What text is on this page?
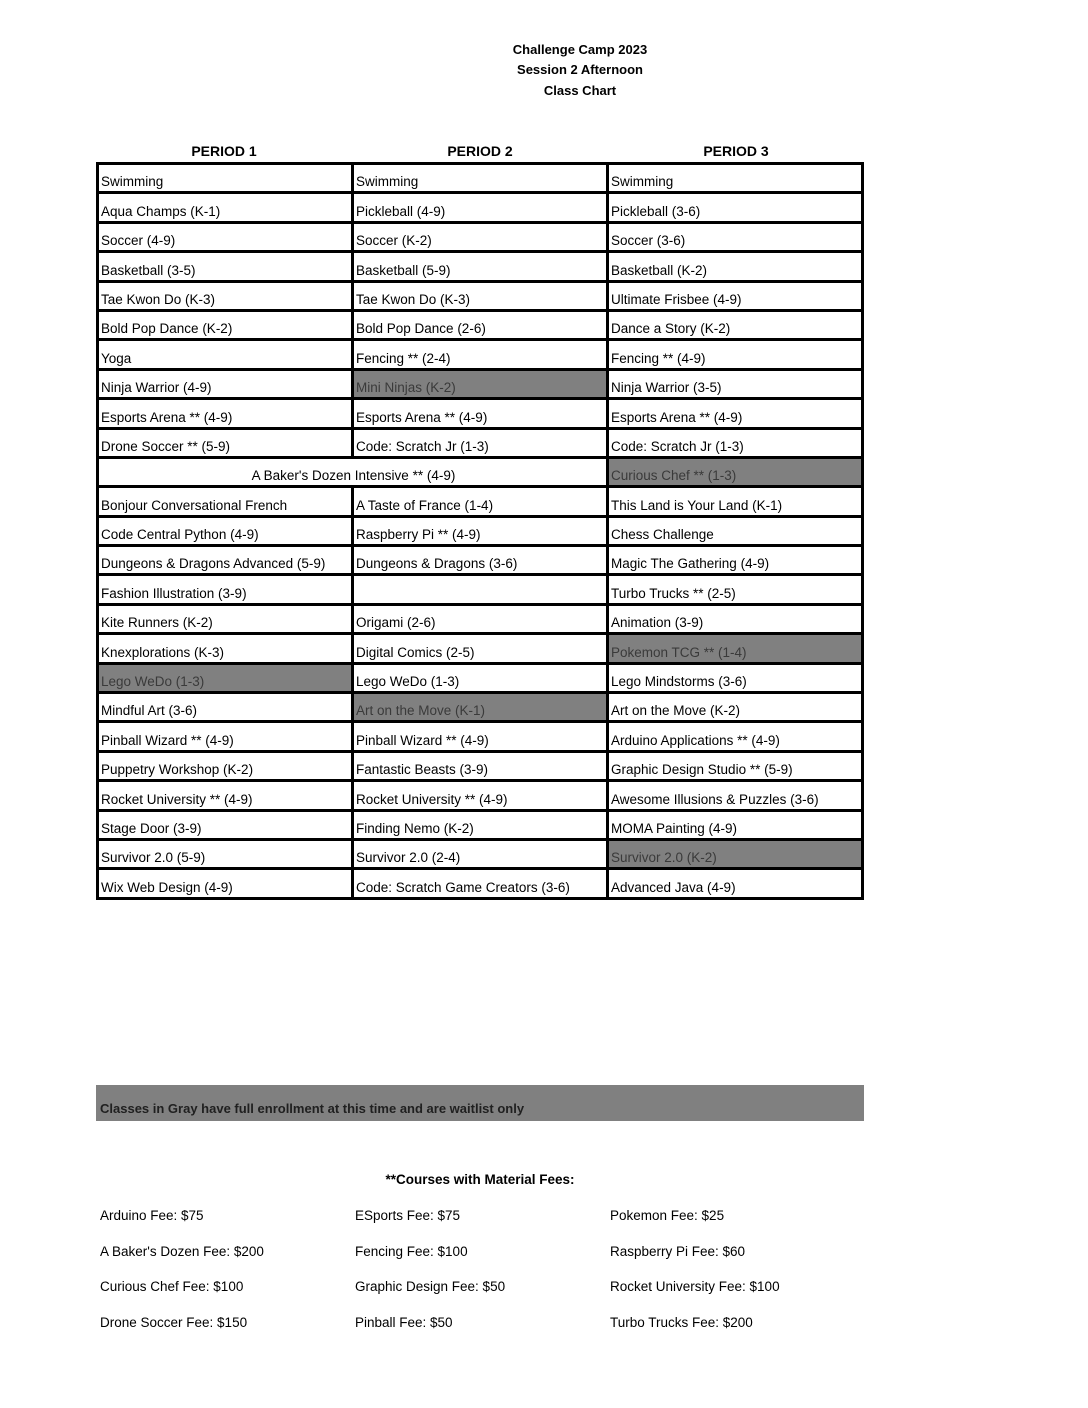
Challenge Camp 2023
Session 2 Afternoon
Class Chart
PERIOD 1	PERIOD 2	PERIOD 3
Swimming	Swimming	Swimming
Aqua Champs (K-1)	Pickleball (4-9)	Pickleball (3-6)
Soccer (4-9)	Soccer (K-2)	Soccer (3-6)
Basketball (3-5)	Basketball (5-9)	Basketball (K-2)
Tae Kwon Do (K-3)	Tae Kwon Do (K-3)	Ultimate Frisbee (4-9)
Bold Pop Dance (K-2)	Bold Pop Dance (2-6)	Dance a Story (K-2)
Yoga	Fencing ** (2-4)	Fencing ** (4-9)
Ninja Warrior (4-9)	Mini Ninjas (K-2)	Ninja Warrior (3-5)
Esports Arena ** (4-9)	Esports Arena ** (4-9)	Esports Arena ** (4-9)
Drone Soccer ** (5-9)	Code: Scratch Jr (1-3)	Code: Scratch Jr (1-3)
A Baker's Dozen Intensive ** (4-9)		Curious Chef ** (1-3)
Bonjour Conversational French	A Taste of France (1-4)	This Land is Your Land (K-1)
Code Central Python (4-9)	Raspberry Pi ** (4-9)	Chess Challenge
Dungeons & Dragons Advanced (5-9)	Dungeons & Dragons (3-6)	Magic The Gathering (4-9)
Fashion Illustration (3-9)		Turbo Trucks ** (2-5)
Kite Runners (K-2)	Origami (2-6)	Animation (3-9)
Knexplorations (K-3)	Digital Comics (2-5)	Pokemon TCG ** (1-4)
Lego WeDo (1-3)	Lego WeDo (1-3)	Lego Mindstorms (3-6)
Mindful Art (3-6)	Art on the Move (K-1)	Art on the Move (K-2)
Pinball Wizard ** (4-9)	Pinball Wizard ** (4-9)	Arduino Applications ** (4-9)
Puppetry Workshop (K-2)	Fantastic Beasts (3-9)	Graphic Design Studio ** (5-9)
Rocket University ** (4-9)	Rocket University ** (4-9)	Awesome Illusions & Puzzles (3-6)
Stage Door (3-9)	Finding Nemo (K-2)	MOMA Painting (4-9)
Survivor 2.0 (5-9)	Survivor 2.0 (2-4)	Survivor 2.0 (K-2)
Wix Web Design (4-9)	Code: Scratch Game Creators (3-6)	Advanced Java (4-9)
Classes in Gray have full enrollment at this time and are waitlist only
**Courses with Material Fees:
Arduino Fee: $75	ESports Fee: $75	Pokemon Fee: $25
A Baker's Dozen Fee: $200	Fencing Fee: $100	Raspberry Pi Fee: $60
Curious Chef Fee: $100	Graphic Design Fee: $50	Rocket University Fee: $100
Drone Soccer Fee: $150	Pinball Fee: $50	Turbo Trucks Fee: $200
